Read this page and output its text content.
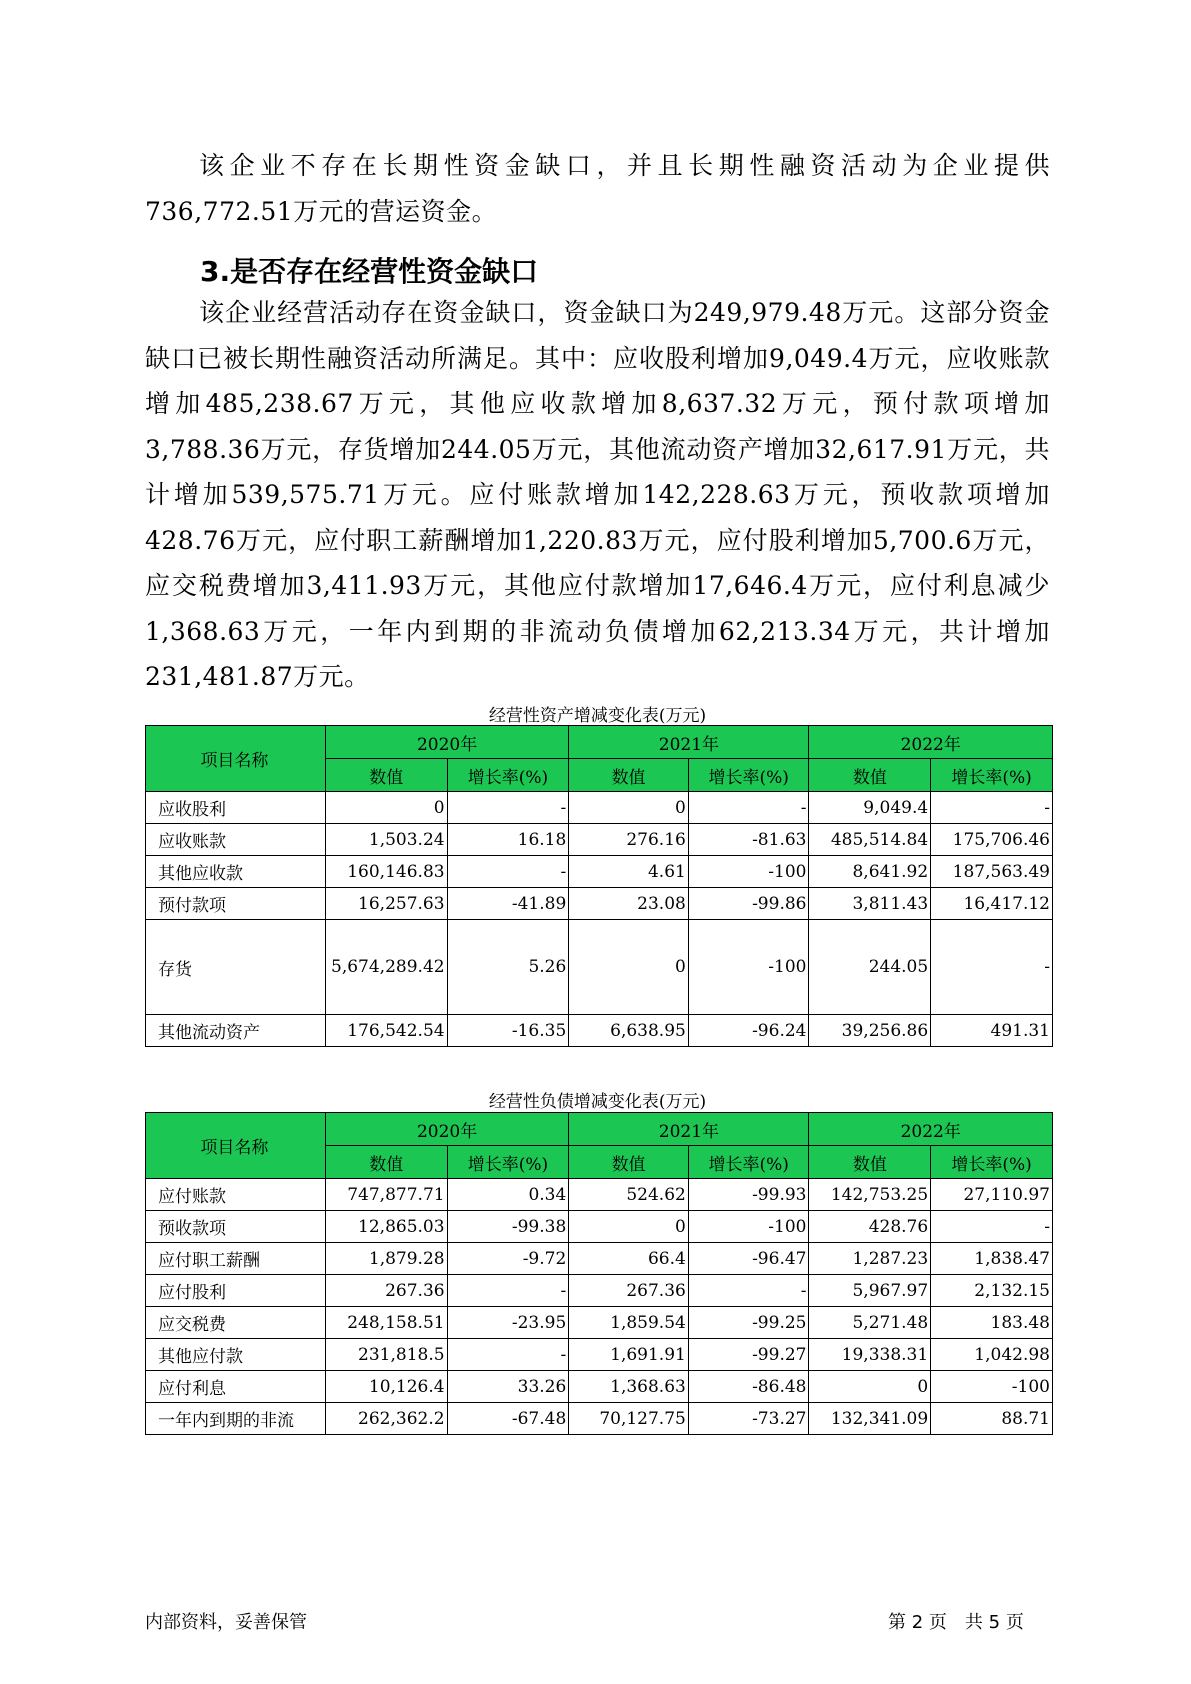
该企业不存在长期性资金缺口，并且长期性融资活动为企业提供736,772.51万元的营运资金。

3.是否存在经营性资金缺口

该企业经营活动存在资金缺口，资金缺口为249,979.48万元。这部分资金缺口已被长期性融资活动所满足。其中：应收股利增加9,049.4万元，应收账款增加485,238.67万元，其他应收款增加8,637.32万元，预付款项增加3,788.36万元，存货增加244.05万元，其他流动资产增加32,617.91万元，共计增加539,575.71万元。应付账款增加142,228.63万元，预收款项增加428.76万元，应付职工薪酬增加1,220.83万元，应付股利增加5,700.6万元，应交税费增加3,411.93万元，其他应付款增加17,646.4万元，应付利息减少1,368.63万元，一年内到期的非流动负债增加62,213.34万元，共计增加231,481.87万元。

经营性资产增减变化表(万元)
项目名称	2020年		2021年		2022年	
	数值	增长率(%)	数值	增长率(%)	数值	增长率(%)
应收股利	0	-	0	-	9,049.4	-
应收账款	1,503.24	16.18	276.16	-81.63	485,514.84	175,706.46
其他应收款	160,146.83	-	4.61	-100	8,641.92	187,563.49
预付款项	16,257.63	-41.89	23.08	-99.86	3,811.43	16,417.12
存货	5,674,289.42	5.26	0	-100	244.05	-
其他流动资产	176,542.54	-16.35	6,638.95	-96.24	39,256.86	491.31
经营性负债增减变化表(万元)
项目名称	2020年		2021年		2022年	
	数值	增长率(%)	数值	增长率(%)	数值	增长率(%)
应付账款	747,877.71	0.34	524.62	-99.93	142,753.25	27,110.97
预收款项	12,865.03	-99.38	0	-100	428.76	-
应付职工薪酬	1,879.28	-9.72	66.4	-96.47	1,287.23	1,838.47
应付股利	267.36	-	267.36	-	5,967.97	2,132.15
应交税费	248,158.51	-23.95	1,859.54	-99.25	5,271.48	183.48
其他应付款	231,818.5	-	1,691.91	-99.27	19,338.31	1,042.98
应付利息	10,126.4	33.26	1,368.63	-86.48	0	-100
一年内到期的非流	262,362.2	-67.48	70,127.75	-73.27	132,341.09	88.71
内部资料，妥善保管	第 2 页　共 5 页
